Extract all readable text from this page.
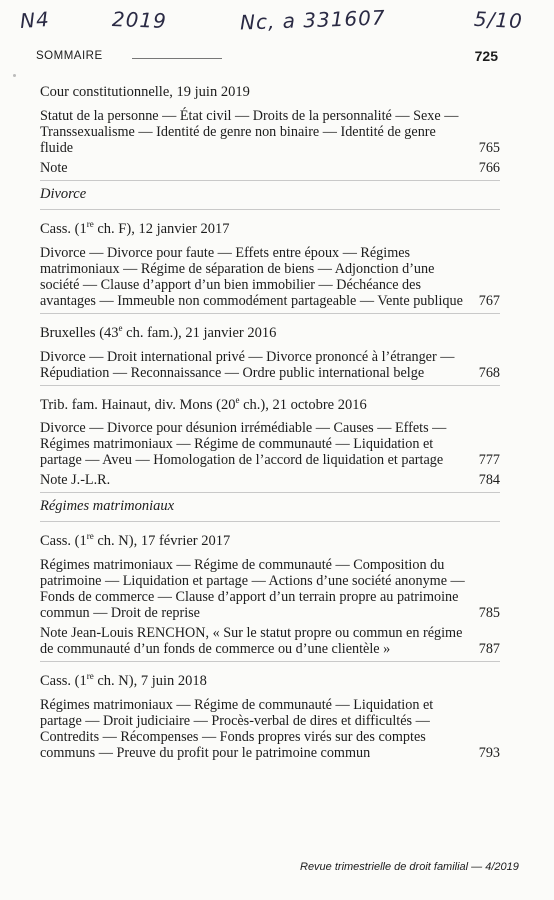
N4	2019	Nc, a 331607	5/10
SOMMAIRE	725
Cour constitutionnelle, 19 juin 2019
Statut de la personne — État civil — Droits de la personnalité — Sexe — Transsexualisme — Identité de genre non binaire — Identité de genre fluide	765
Note	766
Divorce
Cass. (1re ch. F), 12 janvier 2017
Divorce — Divorce pour faute — Effets entre époux — Régimes matrimoniaux — Régime de séparation de biens — Adjonction d’une société — Clause d’apport d’un bien immobilier — Déchéance des avantages — Immeuble non commodément partageable — Vente publique	767
Bruxelles (43e ch. fam.), 21 janvier 2016
Divorce — Droit international privé — Divorce prononcé à l’étranger — Répudiation — Reconnaissance — Ordre public international belge	768
Trib. fam. Hainaut, div. Mons (20e ch.), 21 octobre 2016
Divorce — Divorce pour désunion irrémédiable — Causes — Effets — Régimes matrimoniaux — Régime de communauté — Liquidation et partage — Aveu — Homologation de l’accord de liquidation et partage	777
Note J.-L.R.	784
Régimes matrimoniaux
Cass. (1re ch. N), 17 février 2017
Régimes matrimoniaux — Régime de communauté — Composition du patrimoine — Liquidation et partage — Actions d’une société anonyme — Fonds de commerce — Clause d’apport d’un terrain propre au patrimoine commun — Droit de reprise	785
Note Jean-Louis RENCHON, « Sur le statut propre ou commun en régime de communauté d’un fonds de commerce ou d’une clientèle »	787
Cass. (1re ch. N), 7 juin 2018
Régimes matrimoniaux — Régime de communauté — Liquidation et partage — Droit judiciaire — Procès-verbal de dires et difficultés — Contredits — Récompenses — Fonds propres virés sur des comptes communs — Preuve du profit pour le patrimoine commun	793
Revue trimestrielle de droit familial — 4/2019
